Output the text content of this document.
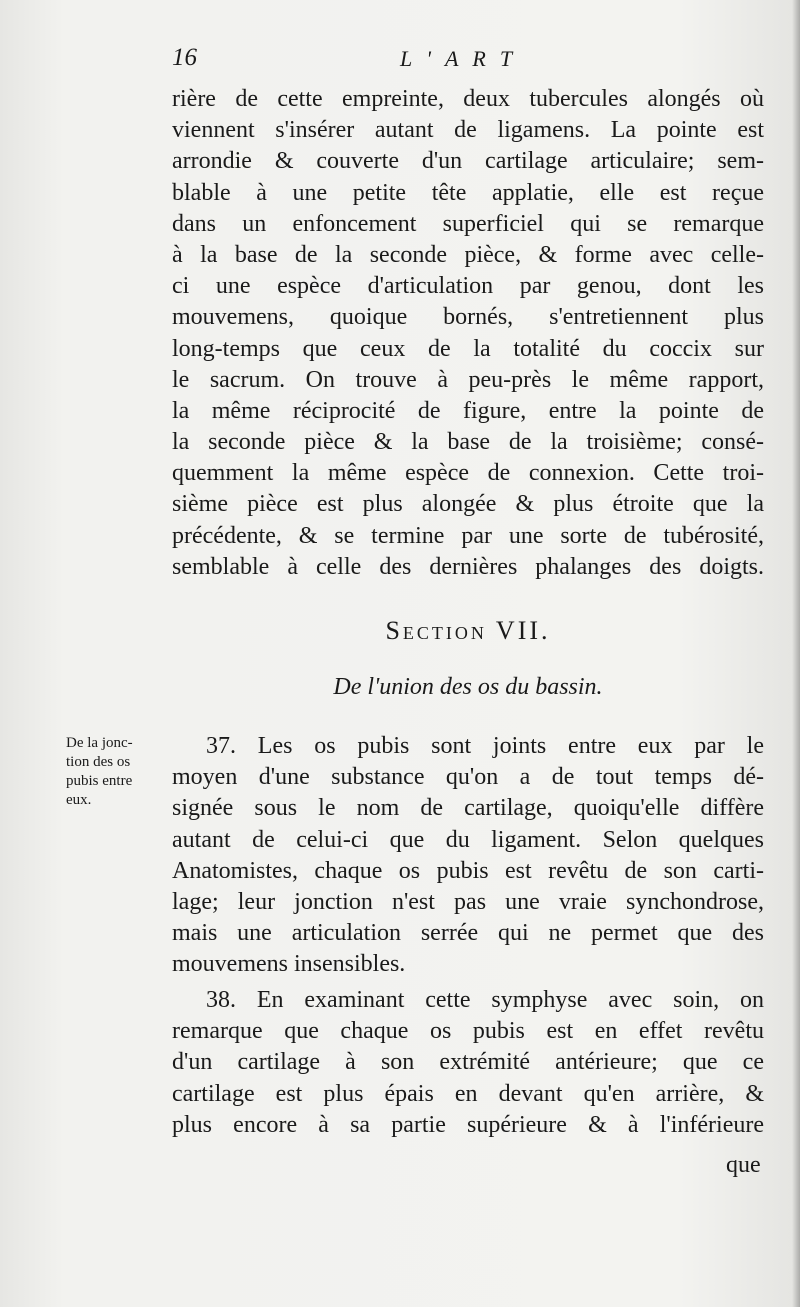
16	L'ART
rière de cette empreinte, deux tubercules alongés où
viennent s'insérer autant de ligamens. La pointe est
arrondie & couverte d'un cartilage articulaire; sem-
blable à une petite tête applatie, elle est reçue
dans un enfoncement superficiel qui se remarque
à la base de la seconde pièce, & forme avec celle-
ci une espèce d'articulation par genou, dont les
mouvemens, quoique bornés, s'entretiennent plus
long-temps que ceux de la totalité du coccix sur
le sacrum. On trouve à peu-près le même rapport,
la même réciprocité de figure, entre la pointe de
la seconde pièce & la base de la troisième; consé-
quemment la même espèce de connexion. Cette troi-
sième pièce est plus alongée & plus étroite que la
précédente, & se termine par une sorte de tubérosité,
semblable à celle des dernières phalanges des doigts.
Section VII.
De l'union des os du bassin.
De la jonc-
tion des os
pubis entre
eux.
37. Les os pubis sont joints entre eux par le
moyen d'une substance qu'on a de tout temps dé-
signée sous le nom de cartilage, quoiqu'elle diffère
autant de celui-ci que du ligament. Selon quelques
Anatomistes, chaque os pubis est revêtu de son carti-
lage; leur jonction n'est pas une vraie synchondrose,
mais une articulation serrée qui ne permet que des
mouvemens insensibles.
38. En examinant cette symphyse avec soin, on
remarque que chaque os pubis est en effet revêtu
d'un cartilage à son extrémité antérieure; que ce
cartilage est plus épais en devant qu'en arrière, &
plus encore à sa partie supérieure & à l'inférieure
que
